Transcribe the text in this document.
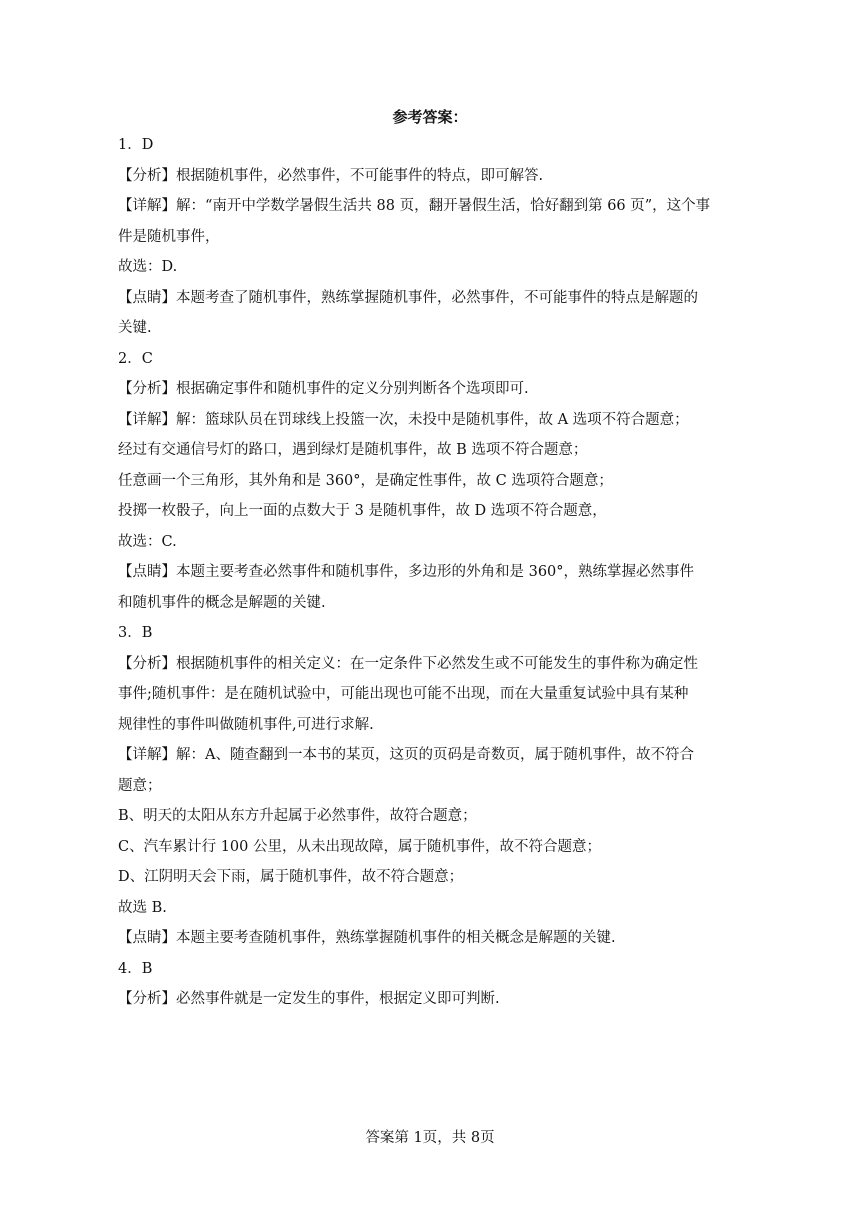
参考答案：
1．D
【分析】根据随机事件，必然事件，不可能事件的特点，即可解答.
【详解】解：“南开中学数学暑假生活共 88 页，翻开暑假生活，恰好翻到第 66 页”，这个事
件是随机事件，
故选：D.
【点睛】本题考查了随机事件，熟练掌握随机事件，必然事件，不可能事件的特点是解题的
关键.
2．C
【分析】根据确定事件和随机事件的定义分别判断各个选项即可.
【详解】解：篮球队员在罚球线上投篮一次，未投中是随机事件，故 A 选项不符合题意；
经过有交通信号灯的路口，遇到绿灯是随机事件，故 B 选项不符合题意；
任意画一个三角形，其外角和是 360°，是确定性事件，故 C 选项符合题意；
投掷一枚骰子，向上一面的点数大于 3 是随机事件，故 D 选项不符合题意，
故选：C.
【点睛】本题主要考查必然事件和随机事件，多边形的外角和是 360°，熟练掌握必然事件
和随机事件的概念是解题的关键.
3．B
【分析】根据随机事件的相关定义：在一定条件下必然发生或不可能发生的事件称为确定性
事件;随机事件：是在随机试验中，可能出现也可能不出现，而在大量重复试验中具有某种
规律性的事件叫做随机事件,可进行求解.
【详解】解：A、随查翻到一本书的某页，这页的页码是奇数页，属于随机事件，故不符合
题意；
B、明天的太阳从东方升起属于必然事件，故符合题意；
C、汽车累计行 100 公里，从未出现故障，属于随机事件，故不符合题意；
D、江阴明天会下雨，属于随机事件，故不符合题意；
故选 B.
【点睛】本题主要考查随机事件，熟练掌握随机事件的相关概念是解题的关键.
4．B
【分析】必然事件就是一定发生的事件，根据定义即可判断.
答案第 1页，共 8页
